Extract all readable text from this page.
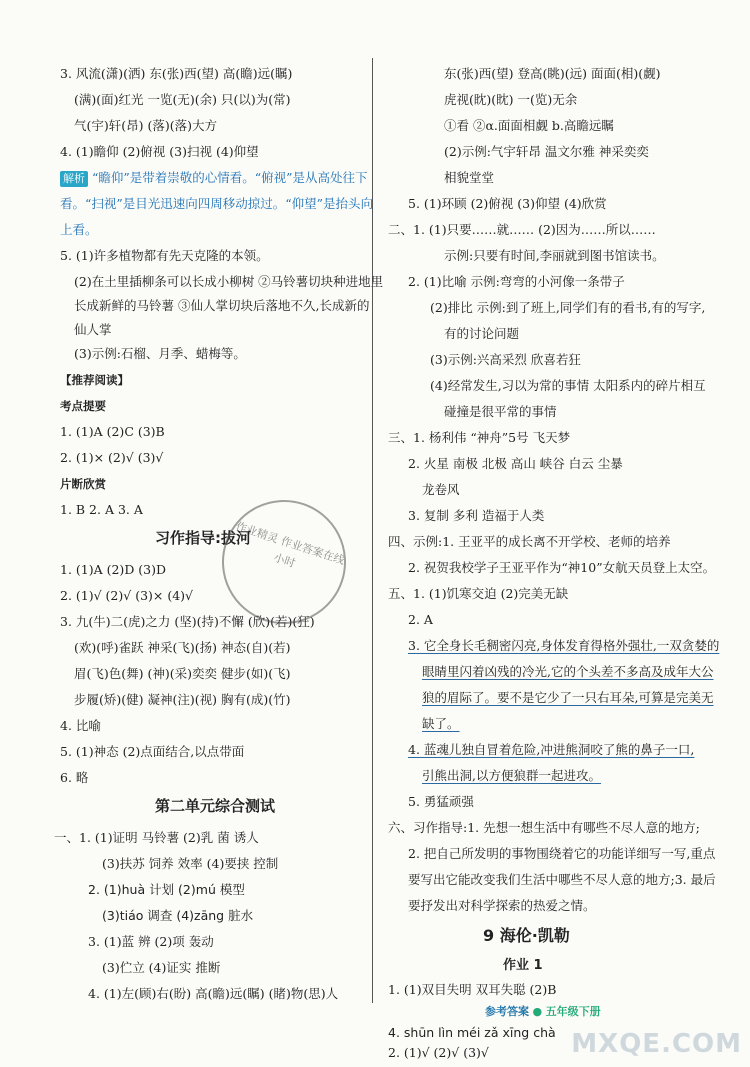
3. 风流(潇)(洒) 东(张)西(望) 高(瞻)远(瞩)
(满)(面)红光 一览(无)(余) 只(以)为(常)
气(宇)轩(昂) (落)(落)大方
4. (1)瞻仰 (2)俯视 (3)扫视 (4)仰望
解析 “瞻仰”是带着崇敬的心情看。“俯视”是从高处往下
看。“扫视”是目光迅速向四周移动掠过。“仰望”是抬头向
上看。
5. (1)许多植物都有先天克隆的本领。
(2)在土里插柳条可以长成小柳树 ②马铃薯切块种进地里
长成新鲜的马铃薯 ③仙人掌切块后落地不久,长成新的
仙人掌
(3)示例:石榴、月季、蜡梅等。
【推荐阅读】
考点提要
1. (1)A (2)C (3)B
2. (1)× (2)√ (3)√
片断欣赏
1. B 2. A 3. A
习作指导:拔河
1. (1)A (2)D (3)D
2. (1)√ (2)√ (3)× (4)√
3. 九(牛)二(虎)之力 (坚)(持)不懈 (欣)(若)(狂)
(欢)(呼)雀跃 神采(飞)(扬) 神态(自)(若)
眉(飞)色(舞) (神)(采)奕奕 健步(如)(飞)
步履(矫)(健) 凝神(注)(视) 胸有(成)(竹)
4. 比喻
5. (1)神态 (2)点面结合,以点带面
6. 略
第二单元综合测试
一、1. (1)证明 马铃薯 (2)乳 菌 诱人
(3)扶苏 饲养 效率 (4)要挟 控制
2. (1)huà 计划 (2)mú 模型
(3)tiáo 调查 (4)zāng 脏水
3. (1)蓝 辨 (2)项 轰动
(3)伫立 (4)证实 推断
4. (1)左(顾)右(盼) 高(瞻)远(瞩) (睹)物(思)人
作业精灵 作业答案在线 小时
东(张)西(望) 登高(眺)(远) 面面(相)(觑)
虎视(眈)(眈) 一(览)无余
①看 ②α.面面相觑 b.高瞻远瞩
(2)示例:气宇轩昂 温文尔雅 神采奕奕
相貌堂堂
5. (1)环顾 (2)俯视 (3)仰望 (4)欣赏
二、1. (1)只要……就…… (2)因为……所以……
示例:只要有时间,李丽就到图书馆读书。
2. (1)比喻 示例:弯弯的小河像一条带子
(2)排比 示例:到了班上,同学们有的看书,有的写字,
有的讨论问题
(3)示例:兴高采烈 欣喜若狂
(4)经常发生,习以为常的事情 太阳系内的碎片相互
碰撞是很平常的事情
三、1. 杨利伟 “神舟”5号 飞天梦
2. 火星 南极 北极 高山 峡谷 白云 尘暴
龙卷风
3. 复制 多利 造福于人类
四、示例:1. 王亚平的成长离不开学校、老师的培养
2. 祝贺我校学子王亚平作为“神10”女航天员登上太空。
五、1. (1)饥寒交迫 (2)完美无缺
2. A
3. 它全身长毛稠密闪亮,身体发育得格外强壮,一双贪婪的
眼睛里闪着凶残的冷光,它的个头差不多高及成年大公
狼的眉际了。要不是它少了一只右耳朵,可算是完美无
缺了。
4. 蓝魂儿独自冒着危险,冲进熊洞咬了熊的鼻子一口,
引熊出洞,以方便狼群一起进攻。
5. 勇猛顽强
六、习作指导:1. 先想一想生活中有哪些不尽人意的地方;
2. 把自己所发明的事物围绕着它的功能详细写一写,重点
要写出它能改变我们生活中哪些不尽人意的地方;3. 最后
要抒发出对科学探索的热爱之情。
9 海伦·凯勒
作业 1
1. (1)双目失明 双耳失聪 (2)B
参考答案 ● 五年级下册
4. shūn lìn méi zǎ xīng chà
2. (1)√ (2)√ (3)√	MXQE.COM
